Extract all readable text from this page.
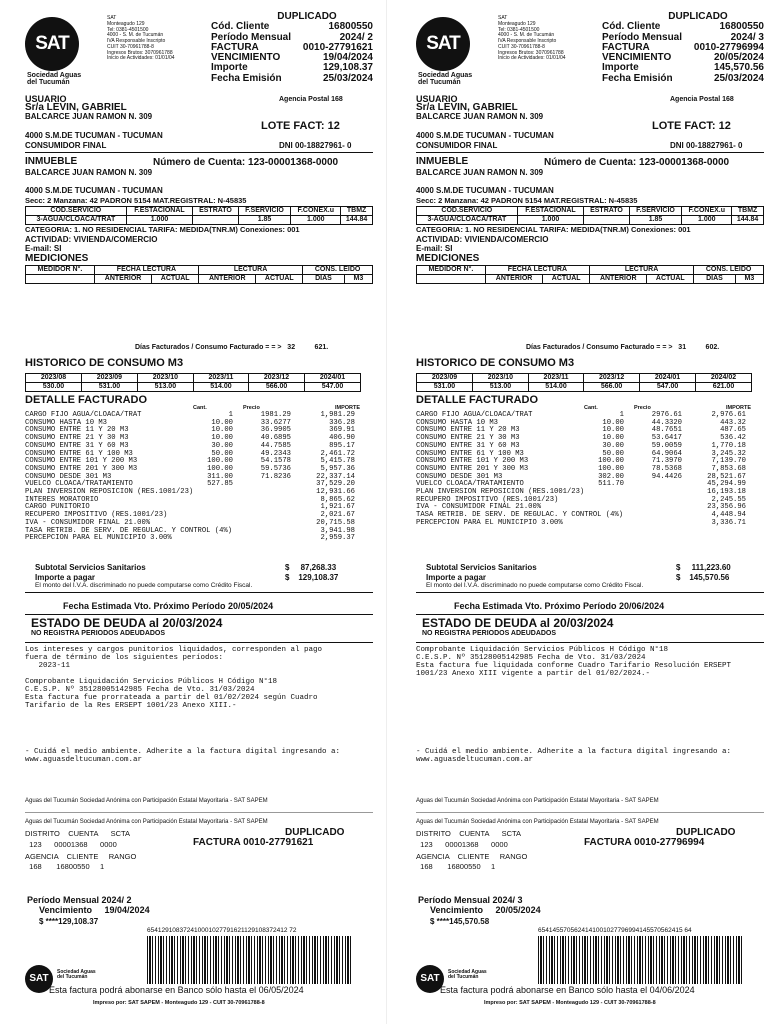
SAT
Sociedad Aguas
del Tucumán
SAT
Monteagudo 129
Tel: 0381-4501500
4000 - S. M. de Tucumán
IVA Responsable Inscripto
CUIT 30-70961788-8
Ingresos Brutos: 3070961788
Inicio de Actividades: 01/01/04
DUPLICADO
Cód. Cliente	16800550
Período Mensual	2024/ 2
FACTURA	0010-27791621
VENCIMIENTO	19/04/2024
Importe	129,108.37
Fecha Emisión	25/03/2024
USUARIO	Agencia Postal 168
Sr/a LEVIN, GABRIEL
BALCARCE JUAN RAMON N. 309
LOTE FACT: 12
4000 S.M.DE TUCUMAN - TUCUMAN
CONSUMIDOR FINAL	DNI 00-18827961- 0
INMUEBLE	Número de Cuenta: 123-00001368-0000
BALCARCE JUAN RAMON N. 309
4000 S.M.DE TUCUMAN - TUCUMAN
Secc: 2 Manzana: 42 PADRON 5154 MAT.REGISTRAL: N-45835
COD.SERVICIO	F.ESTACIONAL	ESTRATO	F.SERVICIO	F.CONEX.u	TBMZ
3-AGUA/CLOACA/TRAT	1.000		1.85	1.000	144.84
CATEGORIA: 1. NO RESIDENCIAL TARIFA: MEDIDA(TNR.M) Conexiones: 001
ACTIVIDAD: VIVIENDA/COMERCIO
E-mail: SI
MEDICIONES
MEDIDOR N°.	FECHA LECTURA		LECTURA		CONS. LEIDO	
	ANTERIOR	ACTUAL	ANTERIOR	ACTUAL	DIAS	M3
Días Facturados / Consumo Facturado = = > 32	621.
HISTORICO DE CONSUMO M3
2023/08	2023/09	2023/10	2023/11	2023/12	2024/01
530.00	531.00	513.00	514.00	566.00	547.00
DETALLE FACTURADO
Cant.	Precio	IMPORTE
CARGO FIJO AGUA/CLOACA/TRAT	1	1981.29	1,981.29
CONSUMO HASTA 10 M3	10.00	33.6277	336.28
CONSUMO ENTRE 11 Y 20 M3	10.00	36.9905	369.91
CONSUMO ENTRE 21 Y 30 M3	10.00	40.6895	406.90
CONSUMO ENTRE 31 Y 60 M3	30.00	44.7585	895.17
CONSUMO ENTRE 61 Y 100 M3	50.00	49.2343	2,461.72
CONSUMO ENTRE 101 Y 200 M3	100.00	54.1578	5,415.78
CONSUMO ENTRE 201 Y 300 M3	100.00	59.5736	5,957.36
CONSUMO DESDE 301 M3	311.00	71.8236	22,337.14
VUELCO CLOACA/TRATAMIENTO	527.85	37,529.20
PLAN INVERSION REPOSICION (RES.1001/23)	12,931.66
INTERES MORATORIO	8,865.62
CARGO PUNITORIO	1,921.67
RECUPERO IMPOSITIVO (RES.1001/23)	2,021.67
IVA - CONSUMIDOR FINAL 21.00%	20,715.58
TASA RETRIB. DE SERV. DE REGULAC. Y CONTROL (4%)	3,941.98
PERCEPCION PARA EL MUNICIPIO 3.00%	2,959.37
Subtotal Servicios Sanitarios	$     87,268.33
Importe a pagar	$    129,108.37
El monto del I.V.A. discriminado no puede computarse como Crédito Fiscal.
Fecha Estimada Vto. Próximo Período 20/05/2024
ESTADO DE DEUDA al 20/03/2024
NO REGISTRA PERIODOS ADEUDADOS
Los intereses y cargos punitorios liquidados, corresponden al pago
fuera de término de los siguientes períodos:
2023-11

Comprobante Liquidación Servicios Públicos H Código N°18
C.E.S.P. Nº 35128005142985 Fecha de Vto. 31/03/2024
Esta factura fue prorrateada a partir del 01/02/2024 según Cuadro
Tarifario de la Res ERSEPT 1001/23 Anexo XIII.-
- Cuidá el medio ambiente. Adherite a la factura digital ingresando a:
www.aguasdeltucuman.com.ar
Aguas del Tucumán Sociedad Anónima con Participación Estatal Mayoritaria - SAT SAPEM
Aguas del Tucumán Sociedad Anónima con Participación Estatal Mayoritaria - SAT SAPEM
DISTRITO    CUENTA      SCTA	DUPLICADO
123      00001368      0000	FACTURA 0010-27791621
AGENCIA    CLIENTE     RANGO
168       16800550     1
Período Mensual 2024/ 2
Vencimiento 19/04/2024
$ ****129,108.37
654129108372410001027791621129108372412 72
SAT
Sociedad Aguas del Tucumán
Esta factura podrá abonarse en Banco sólo hasta el 06/05/2024
Impreso por: SAT SAPEM - Monteagudo 129 - CUIT 30-70961788-8
SAT
Sociedad Aguas
del Tucumán
SAT
Monteagudo 129
Tel: 0381-4501500
4000 - S. M. de Tucumán
IVA Responsable Inscripto
CUIT 30-70961788-8
Ingresos Brutos: 3070961788
Inicio de Actividades: 01/01/04
DUPLICADO
Cód. Cliente	16800550
Período Mensual	2024/ 3
FACTURA	0010-27796994
VENCIMIENTO	20/05/2024
Importe	145,570.56
Fecha Emisión	25/03/2024
USUARIO	Agencia Postal 168
Sr/a LEVIN, GABRIEL
BALCARCE JUAN RAMON N. 309
LOTE FACT: 12
4000 S.M.DE TUCUMAN - TUCUMAN
CONSUMIDOR FINAL	DNI 00-18827961- 0
INMUEBLE	Número de Cuenta: 123-00001368-0000
BALCARCE JUAN RAMON N. 309
4000 S.M.DE TUCUMAN - TUCUMAN
Secc: 2 Manzana: 42 PADRON 5154 MAT.REGISTRAL: N-45835
COD.SERVICIO	F.ESTACIONAL	ESTRATO	F.SERVICIO	F.CONEX.u	TBMZ
3-AGUA/CLOACA/TRAT	1.000		1.85	1.000	144.84
CATEGORIA: 1. NO RESIDENCIAL TARIFA: MEDIDA(TNR.M) Conexiones: 001
ACTIVIDAD: VIVIENDA/COMERCIO
E-mail: SI
MEDICIONES
MEDIDOR N°.	FECHA LECTURA		LECTURA		CONS. LEIDO	
	ANTERIOR	ACTUAL	ANTERIOR	ACTUAL	DIAS	M3
Días Facturados / Consumo Facturado = = > 31	602.
HISTORICO DE CONSUMO M3
2023/09	2023/10	2023/11	2023/12	2024/01	2024/02
531.00	513.00	514.00	566.00	547.00	621.00
DETALLE FACTURADO
Cant.	Precio	IMPORTE
CARGO FIJO AGUA/CLOACA/TRAT	1	2976.61	2,976.61
CONSUMO HASTA 10 M3	10.00	44.3320	443.32
CONSUMO ENTRE 11 Y 20 M3	10.00	48.7651	487.65
CONSUMO ENTRE 21 Y 30 M3	10.00	53.6417	536.42
CONSUMO ENTRE 31 Y 60 M3	30.00	59.0059	1,770.18
CONSUMO ENTRE 61 Y 100 M3	50.00	64.9064	3,245.32
CONSUMO ENTRE 101 Y 200 M3	100.00	71.3970	7,139.70
CONSUMO ENTRE 201 Y 300 M3	100.00	78.5368	7,853.68
CONSUMO DESDE 301 M3	302.00	94.4426	28,521.67
VUELCO CLOACA/TRATAMIENTO	511.70	45,294.99
PLAN INVERSION REPOSICION (RES.1001/23)	16,193.18
RECUPERO IMPOSITIVO (RES.1001/23)	2,245.55
IVA - CONSUMIDOR FINAL 21.00%	23,356.96
TASA RETRIB. DE SERV. DE REGULAC. Y CONTROL (4%)	4,448.94
PERCEPCION PARA EL MUNICIPIO 3.00%	3,336.71
Subtotal Servicios Sanitarios	$     111,223.60
Importe a pagar	$    145,570.56
El monto del I.V.A. discriminado no puede computarse como Crédito Fiscal.
Fecha Estimada Vto. Próximo Período 20/06/2024
ESTADO DE DEUDA al 20/03/2024
NO REGISTRA PERIODOS ADEUDADOS
Comprobante Liquidación Servicios Públicos H Código N°18
C.E.S.P. Nº 35128005142985 Fecha de Vto. 31/03/2024
Esta factura fue liquidada conforme Cuadro Tarifario Resolución ERSEPT
1001/23 Anexo XIII vigente a partir del 01/02/2024.-
- Cuidá el medio ambiente. Adherite a la factura digital ingresando a:
www.aguasdeltucuman.com.ar
Aguas del Tucumán Sociedad Anónima con Participación Estatal Mayoritaria - SAT SAPEM
Aguas del Tucumán Sociedad Anónima con Participación Estatal Mayoritaria - SAT SAPEM
DISTRITO    CUENTA      SCTA	DUPLICADO
123      00001368      0000	FACTURA 0010-27796994
AGENCIA    CLIENTE     RANGO
168       16800550     1
Período Mensual 2024/ 3
Vencimiento 20/05/2024
$ ****145,570.58
6541455705624141001027796994145570562415 64
SAT
Sociedad Aguas del Tucumán
Esta factura podrá abonarse en Banco sólo hasta el 04/06/2024
Impreso por: SAT SAPEM - Monteagudo 129 - CUIT 30-70961788-8
